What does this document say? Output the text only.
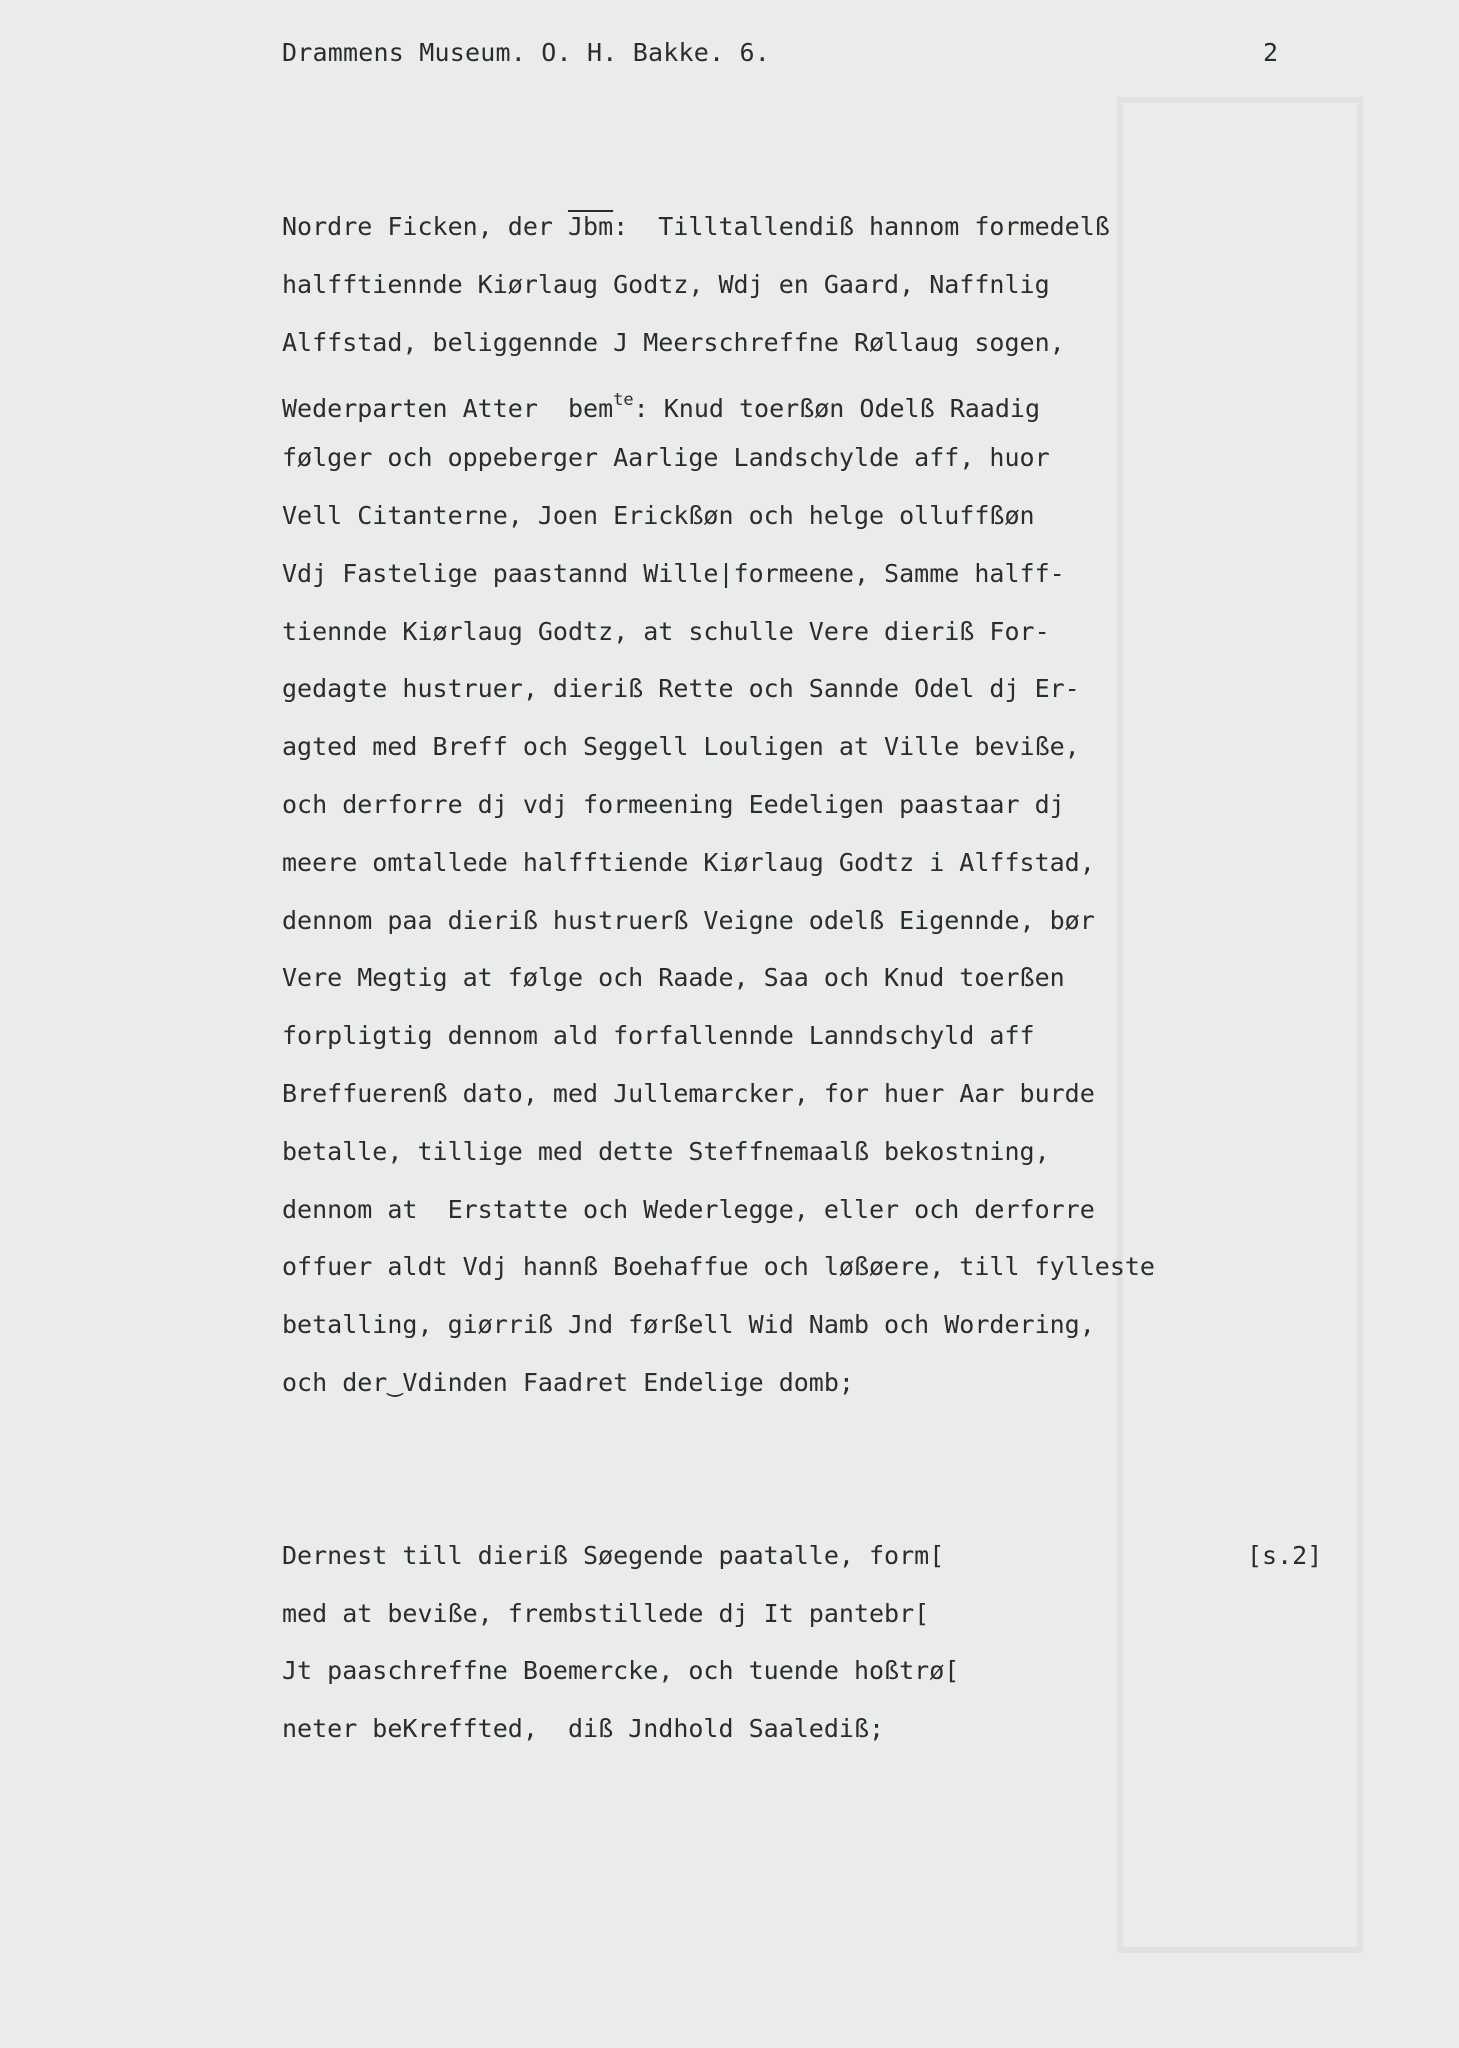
Drammens Museum. O. H. Bakke. 6.	2
Nordre Ficken, der $\overline{Jbm}$:  Tilltallendiß hannom formedelß
halfftiennde Kiørlaug Godtz, Wdj en Gaard, Naffnlig
Alffstad, beliggennde J Meerschreffne Røllaug sogen,
Wederparten Atter  bem$^{te}$: Knud toerßøn Odelß Raadig
følger och oppeberger Aarlige Landschylde aff, huor
Vell Citanterne, Joen Erickßøn och helge olluffßøn
Vdj Fastelige paastannd Wille|formeene, Samme halff-
tiennde Kiørlaug Godtz, at schulle Vere dieriß For-
gedagte hustruer, dieriß Rette och Sannde Odel dj Er-
agted med Breff och Seggell Louligen at Ville beviße,
och derforre dj vdj formeening Eedeligen paastaar dj
meere omtallede halfftiende Kiørlaug Godtz i Alffstad,
dennom paa dieriß hustruerß Veigne odelß Eigennde, bør
Vere Megtig at følge och Raade, Saa och Knud toerßen
forpligtig dennom ald forfallennde Lanndschyld aff
Breffuerenß dato, med Jullemarcker, for huer Aar burde
betalle, tillige med dette Steffnemaalß bekostning,
dennom at  Erstatte och Wederlegge, eller och derforre
offuer aldt Vdj hannß Boehaffue och løßøere, till fylleste
betalling, giørriß Jnd førßell Wid Namb och Wordering,
och der‿Vdinden Faadret Endelige domb;
Dernest till dieriß Søegende paatalle, form[
med at beviße, frembstillede dj It pantebr[
Jt paaschreffne Boemercke, och tuende hoßtrø[
neter beKreffted,  diß Jndhold Saalediß;
[s.2]
